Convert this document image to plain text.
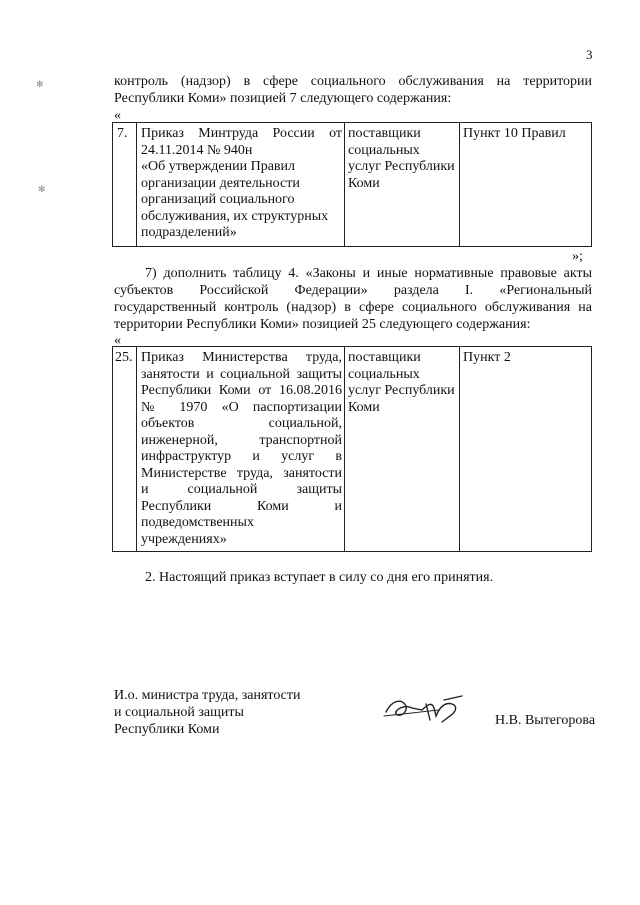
3
✻
✻
контроль (надзор) в сфере социального обслуживания на территории
Республики Коми» позицией 7 следующего содержания:
«
7. Приказ Минтруда России от
24.11.2014 № 940н
«Об утверждении Правил
организации деятельности
организаций социального
обслуживания, их структурных
подразделений»
поставщики
социальных
услуг Республики
Коми
Пункт 10 Правил
»;
7) дополнить таблицу 4. «Законы и иные нормативные правовые акты
субъектов Российской Федерации» раздела I. «Региональный
государственный контроль (надзор) в сфере социального обслуживания на
территории Республики Коми» позицией 25 следующего содержания:
«
25. Приказ Министерства труда,
занятости и социальной защиты
Республики Коми от 16.08.2016
№ 1970 «О паспортизации
объектов социальной,
инженерной, транспортной
инфраструктур и услуг в
Министерстве труда, занятости
и социальной защиты
Республики Коми и
подведомственных
учреждениях»
поставщики
социальных
услуг Республики
Коми
Пункт 2
2. Настоящий приказ вступает в силу со дня его принятия.
И.о. министра труда, занятости
и социальной защиты
Республики Коми
Н.В. Вытегорова
